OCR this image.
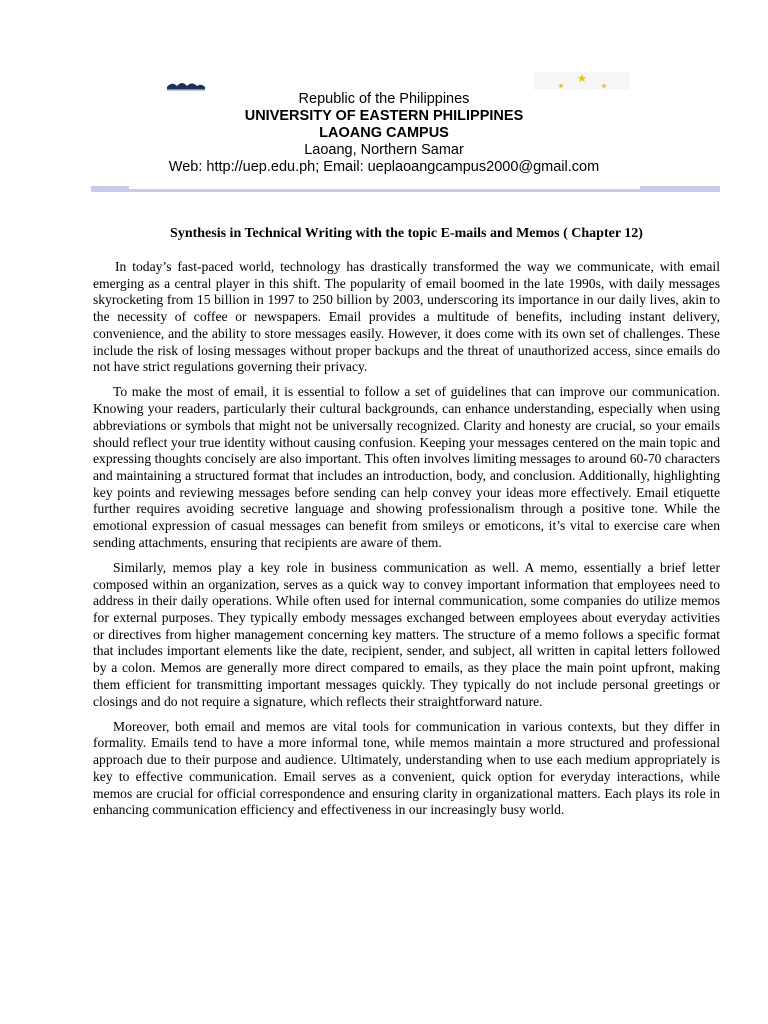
Republic of the Philippines
UNIVERSITY OF EASTERN PHILIPPINES
LAOANG CAMPUS
Laoang, Northern Samar
Web: http://uep.edu.ph; Email: ueplaoangcampus2000@gmail.com
Synthesis in Technical Writing with the topic E-mails and Memos ( Chapter 12)

In today’s fast-paced world, technology has drastically transformed the way we communicate, with email emerging as a central player in this shift. The popularity of email boomed in the late 1990s, with daily messages skyrocketing from 15 billion in 1997 to 250 billion by 2003, underscoring its importance in our daily lives, akin to the necessity of coffee or newspapers. Email provides a multitude of benefits, including instant delivery, convenience, and the ability to store messages easily. However, it does come with its own set of challenges. These include the risk of losing messages without proper backups and the threat of unauthorized access, since emails do not have strict regulations governing their privacy.

To make the most of email, it is essential to follow a set of guidelines that can improve our communication. Knowing your readers, particularly their cultural backgrounds, can enhance understanding, especially when using abbreviations or symbols that might not be universally recognized. Clarity and honesty are crucial, so your emails should reflect your true identity without causing confusion. Keeping your messages centered on the main topic and expressing thoughts concisely are also important. This often involves limiting messages to around 60-70 characters and maintaining a structured format that includes an introduction, body, and conclusion. Additionally, highlighting key points and reviewing messages before sending can help convey your ideas more effectively. Email etiquette further requires avoiding secretive language and showing professionalism through a positive tone. While the emotional expression of casual messages can benefit from smileys or emoticons, it’s vital to exercise care when sending attachments, ensuring that recipients are aware of them.

Similarly, memos play a key role in business communication as well. A memo, essentially a brief letter composed within an organization, serves as a quick way to convey important information that employees need to address in their daily operations. While often used for internal communication, some companies do utilize memos for external purposes. They typically embody messages exchanged between employees about everyday activities or directives from higher management concerning key matters. The structure of a memo follows a specific format that includes important elements like the date, recipient, sender, and subject, all written in capital letters followed by a colon. Memos are generally more direct compared to emails, as they place the main point upfront, making them efficient for transmitting important messages quickly. They typically do not include personal greetings or closings and do not require a signature, which reflects their straightforward nature.

Moreover, both email and memos are vital tools for communication in various contexts, but they differ in formality. Emails tend to have a more informal tone, while memos maintain a more structured and professional approach due to their purpose and audience. Ultimately, understanding when to use each medium appropriately is key to effective communication. Email serves as a convenient, quick option for everyday interactions, while memos are crucial for official correspondence and ensuring clarity in organizational matters. Each plays its role in enhancing communication efficiency and effectiveness in our increasingly busy world.
